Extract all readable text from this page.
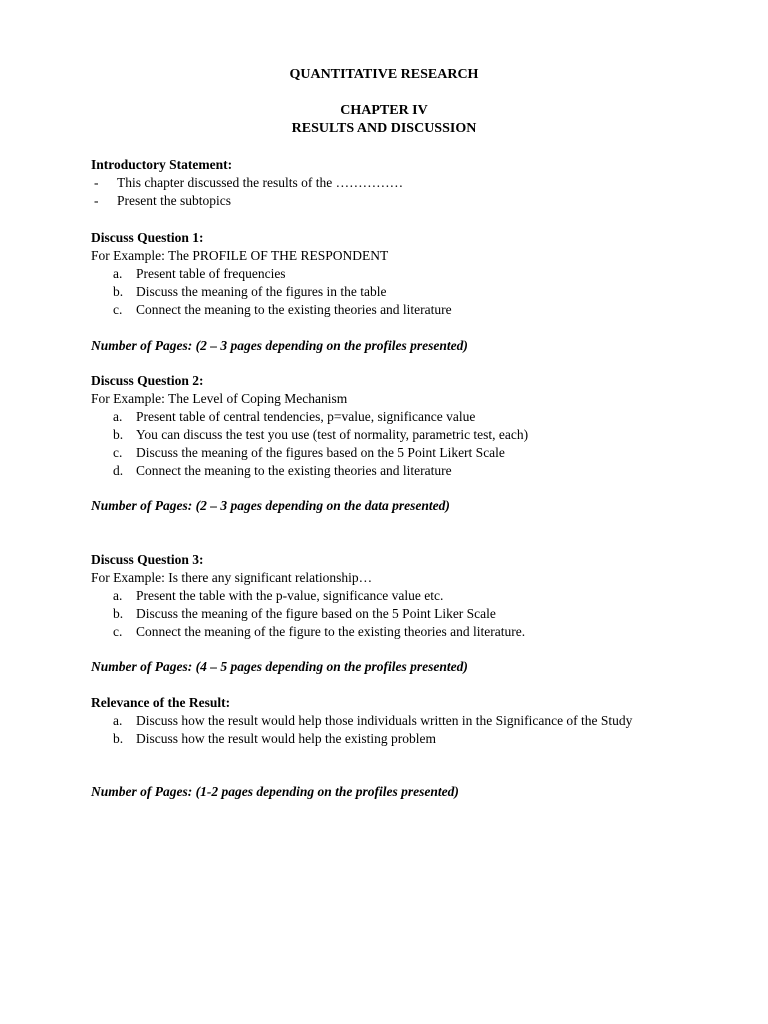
QUANTITATIVE RESEARCH
CHAPTER IV
RESULTS AND DISCUSSION
Introductory Statement:
- This chapter discussed the results of the ……………
- Present the subtopics
Discuss Question 1:
For Example: The PROFILE OF THE RESPONDENT
a. Present table of frequencies
b. Discuss the meaning of the figures in the table
c. Connect the meaning to the existing theories and literature
Number of Pages: (2 – 3 pages depending on the profiles presented)
Discuss Question 2:
For Example: The Level of Coping Mechanism
a. Present table of central tendencies, p=value, significance value
b. You can discuss the test you use (test of normality, parametric test, each)
c. Discuss the meaning of the figures based on the 5 Point Likert Scale
d. Connect the meaning to the existing theories and literature
Number of Pages: (2 – 3 pages depending on the data presented)
Discuss Question 3:
For Example: Is there any significant relationship…
a. Present the table with the p-value, significance value etc.
b. Discuss the meaning of the figure based on the 5 Point Liker Scale
c. Connect the meaning of the figure to the existing theories and literature.
Number of Pages: (4 – 5 pages depending on the profiles presented)
Relevance of the Result:
a. Discuss how the result would help those individuals written in the Significance of the Study
b. Discuss how the result would help the existing problem
Number of Pages: (1-2 pages depending on the profiles presented)
